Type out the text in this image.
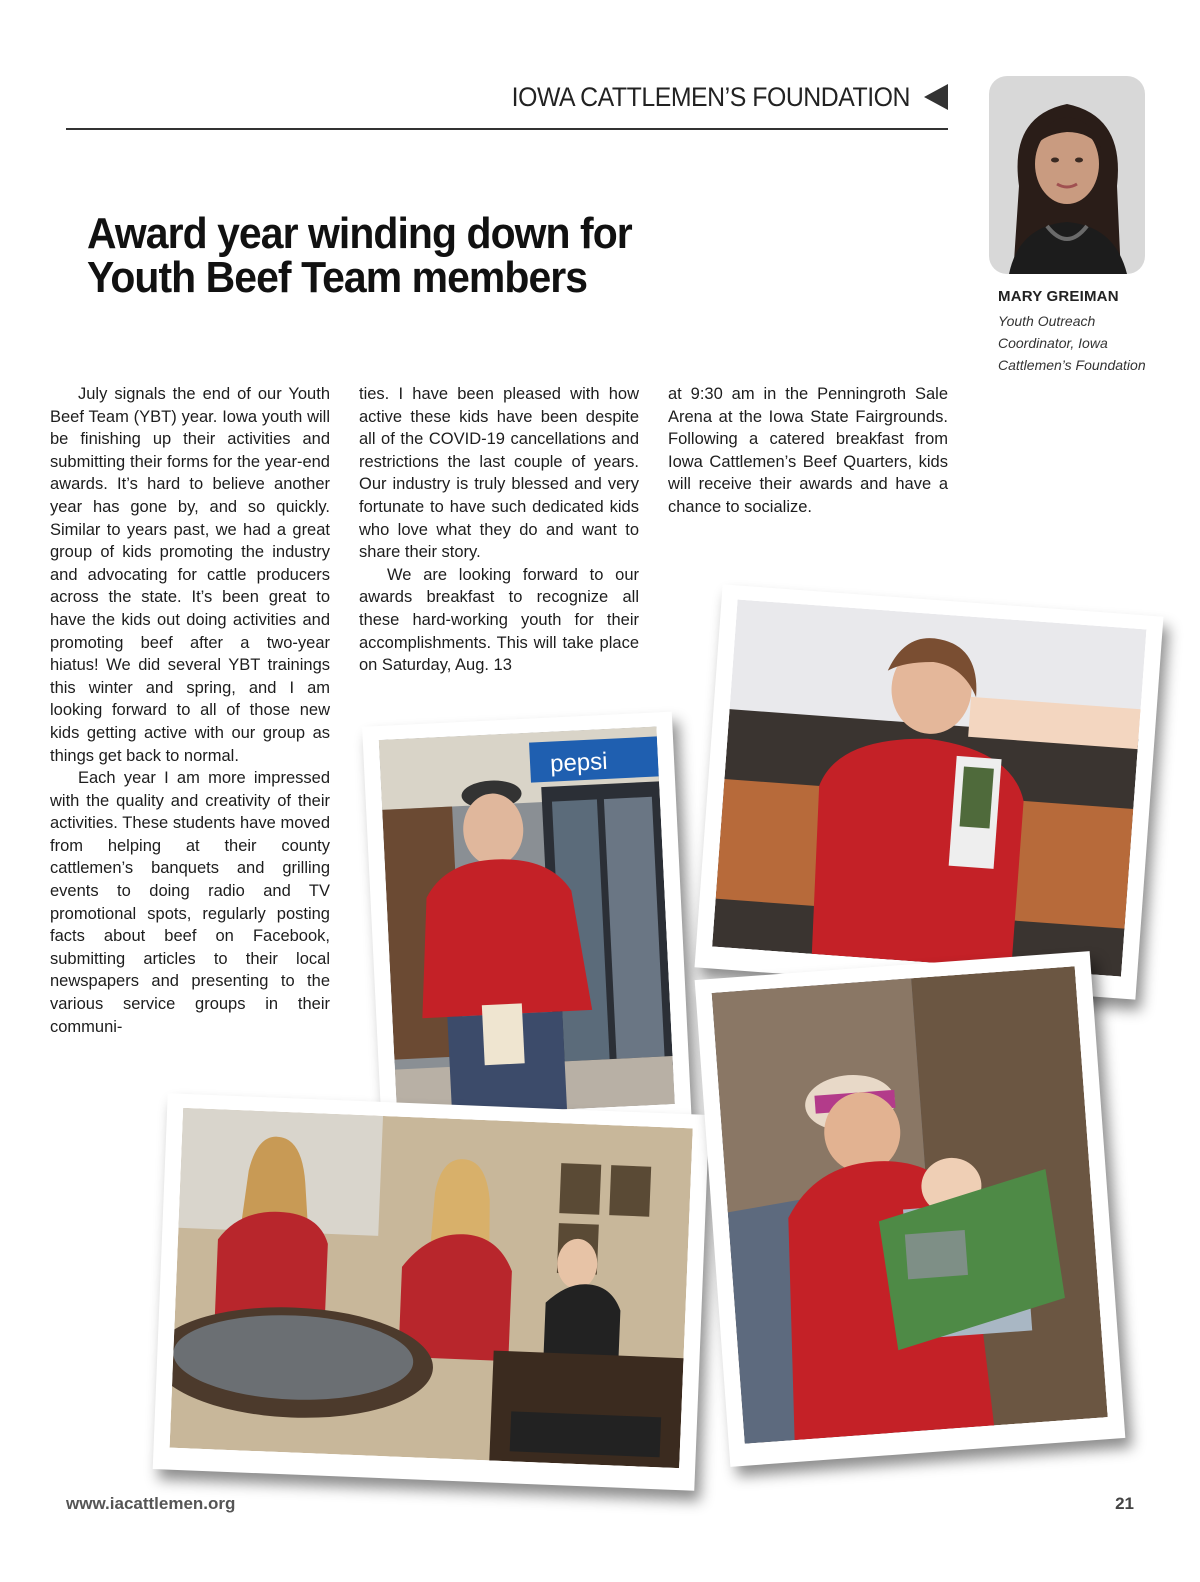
IOWA CATTLEMEN’S FOUNDATION
Award year winding down for
Youth Beef Team members	MARY GREIMAN
Youth Outreach Coordinator, Iowa Cattlemen’s Foundation

July signals the end of our Youth Beef Team (YBT) year. Iowa youth will be finishing up their activities and submitting their forms for the year-end awards. It’s hard to believe another year has gone by, and so quickly. Similar to years past, we had a great group of kids promoting the industry and advocating for cattle producers across the state. It’s been great to have the kids out doing activities and promoting beef after a two-year hiatus! We did several YBT trainings this winter and spring, and I am looking forward to all of those new kids getting active with our group as things get back to normal.

Each year I am more impressed with the quality and creativity of their activities. These students have moved from helping at their county cattlemen’s banquets and grilling events to doing radio and TV promotional spots, regularly posting facts about beef on Facebook, submitting articles to their local newspapers and presenting to the various service groups in their communi-

ties. I have been pleased with how active these kids have been despite all of the COVID-19 cancellations and restrictions the last couple of years. Our industry is truly blessed and very fortunate to have such dedicated kids who love what they do and want to share their story.

We are looking forward to our awards breakfast to recognize all these hard-working youth for their accomplishments. This will take place on Saturday, Aug. 13

at 9:30 am in the Penningroth Sale Arena at the Iowa State Fairgrounds. Following a catered breakfast from Iowa Cattlemen’s Beef Quarters, kids will receive their awards and have a chance to socialize.

pepsi
www.iacattlemen.org	21
